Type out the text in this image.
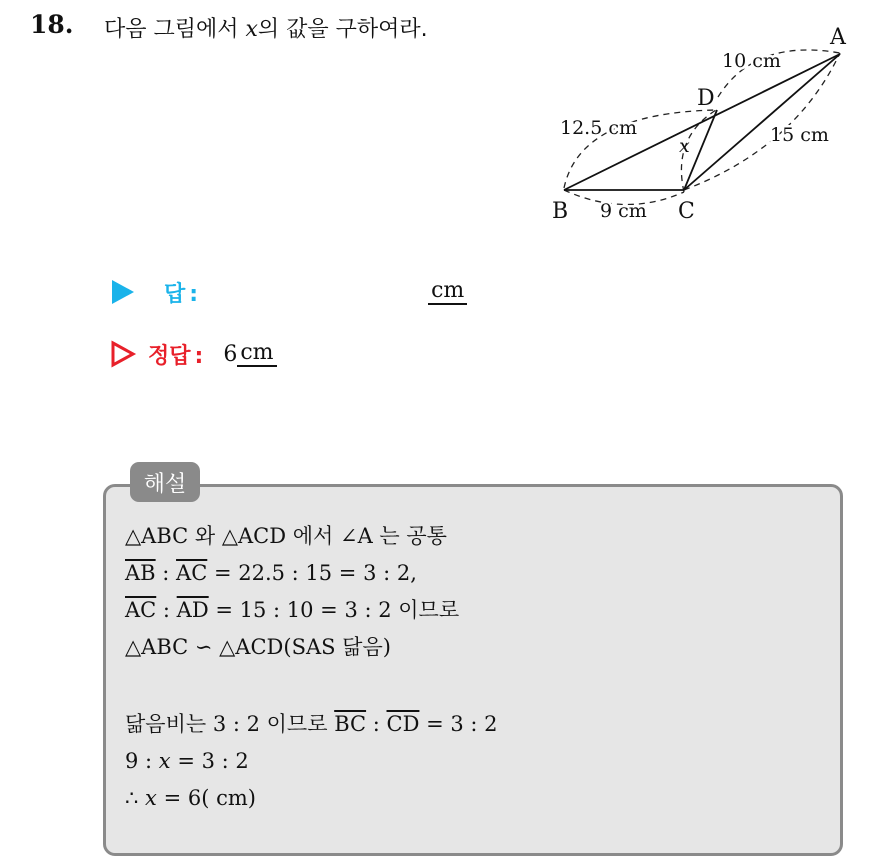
18. 다음 그림에서 x의 값을 구하여라.	A
B	C
D
10 cm
12.5 cm	15 cm
9 cm
x
답 :	cm
정답 : 6 cm
해설
△ABC 와 △ACD 에서 ∠A 는 공통
$\overline{AB}$ : $\overline{AC} = 22.5$ : 15 = 3 : 2,
$\overline{AC}$ : $\overline{AD} = 15$ : 10 = 3 : 2 이므로
△ABC ∽ △ACD(SAS 닮음)
닮음비는 3 : 2 이므로 $\overline{BC}$ : $\overline{CD} = 3$ : 2
9 : x = 3 : 2
∴ x = 6( cm)
